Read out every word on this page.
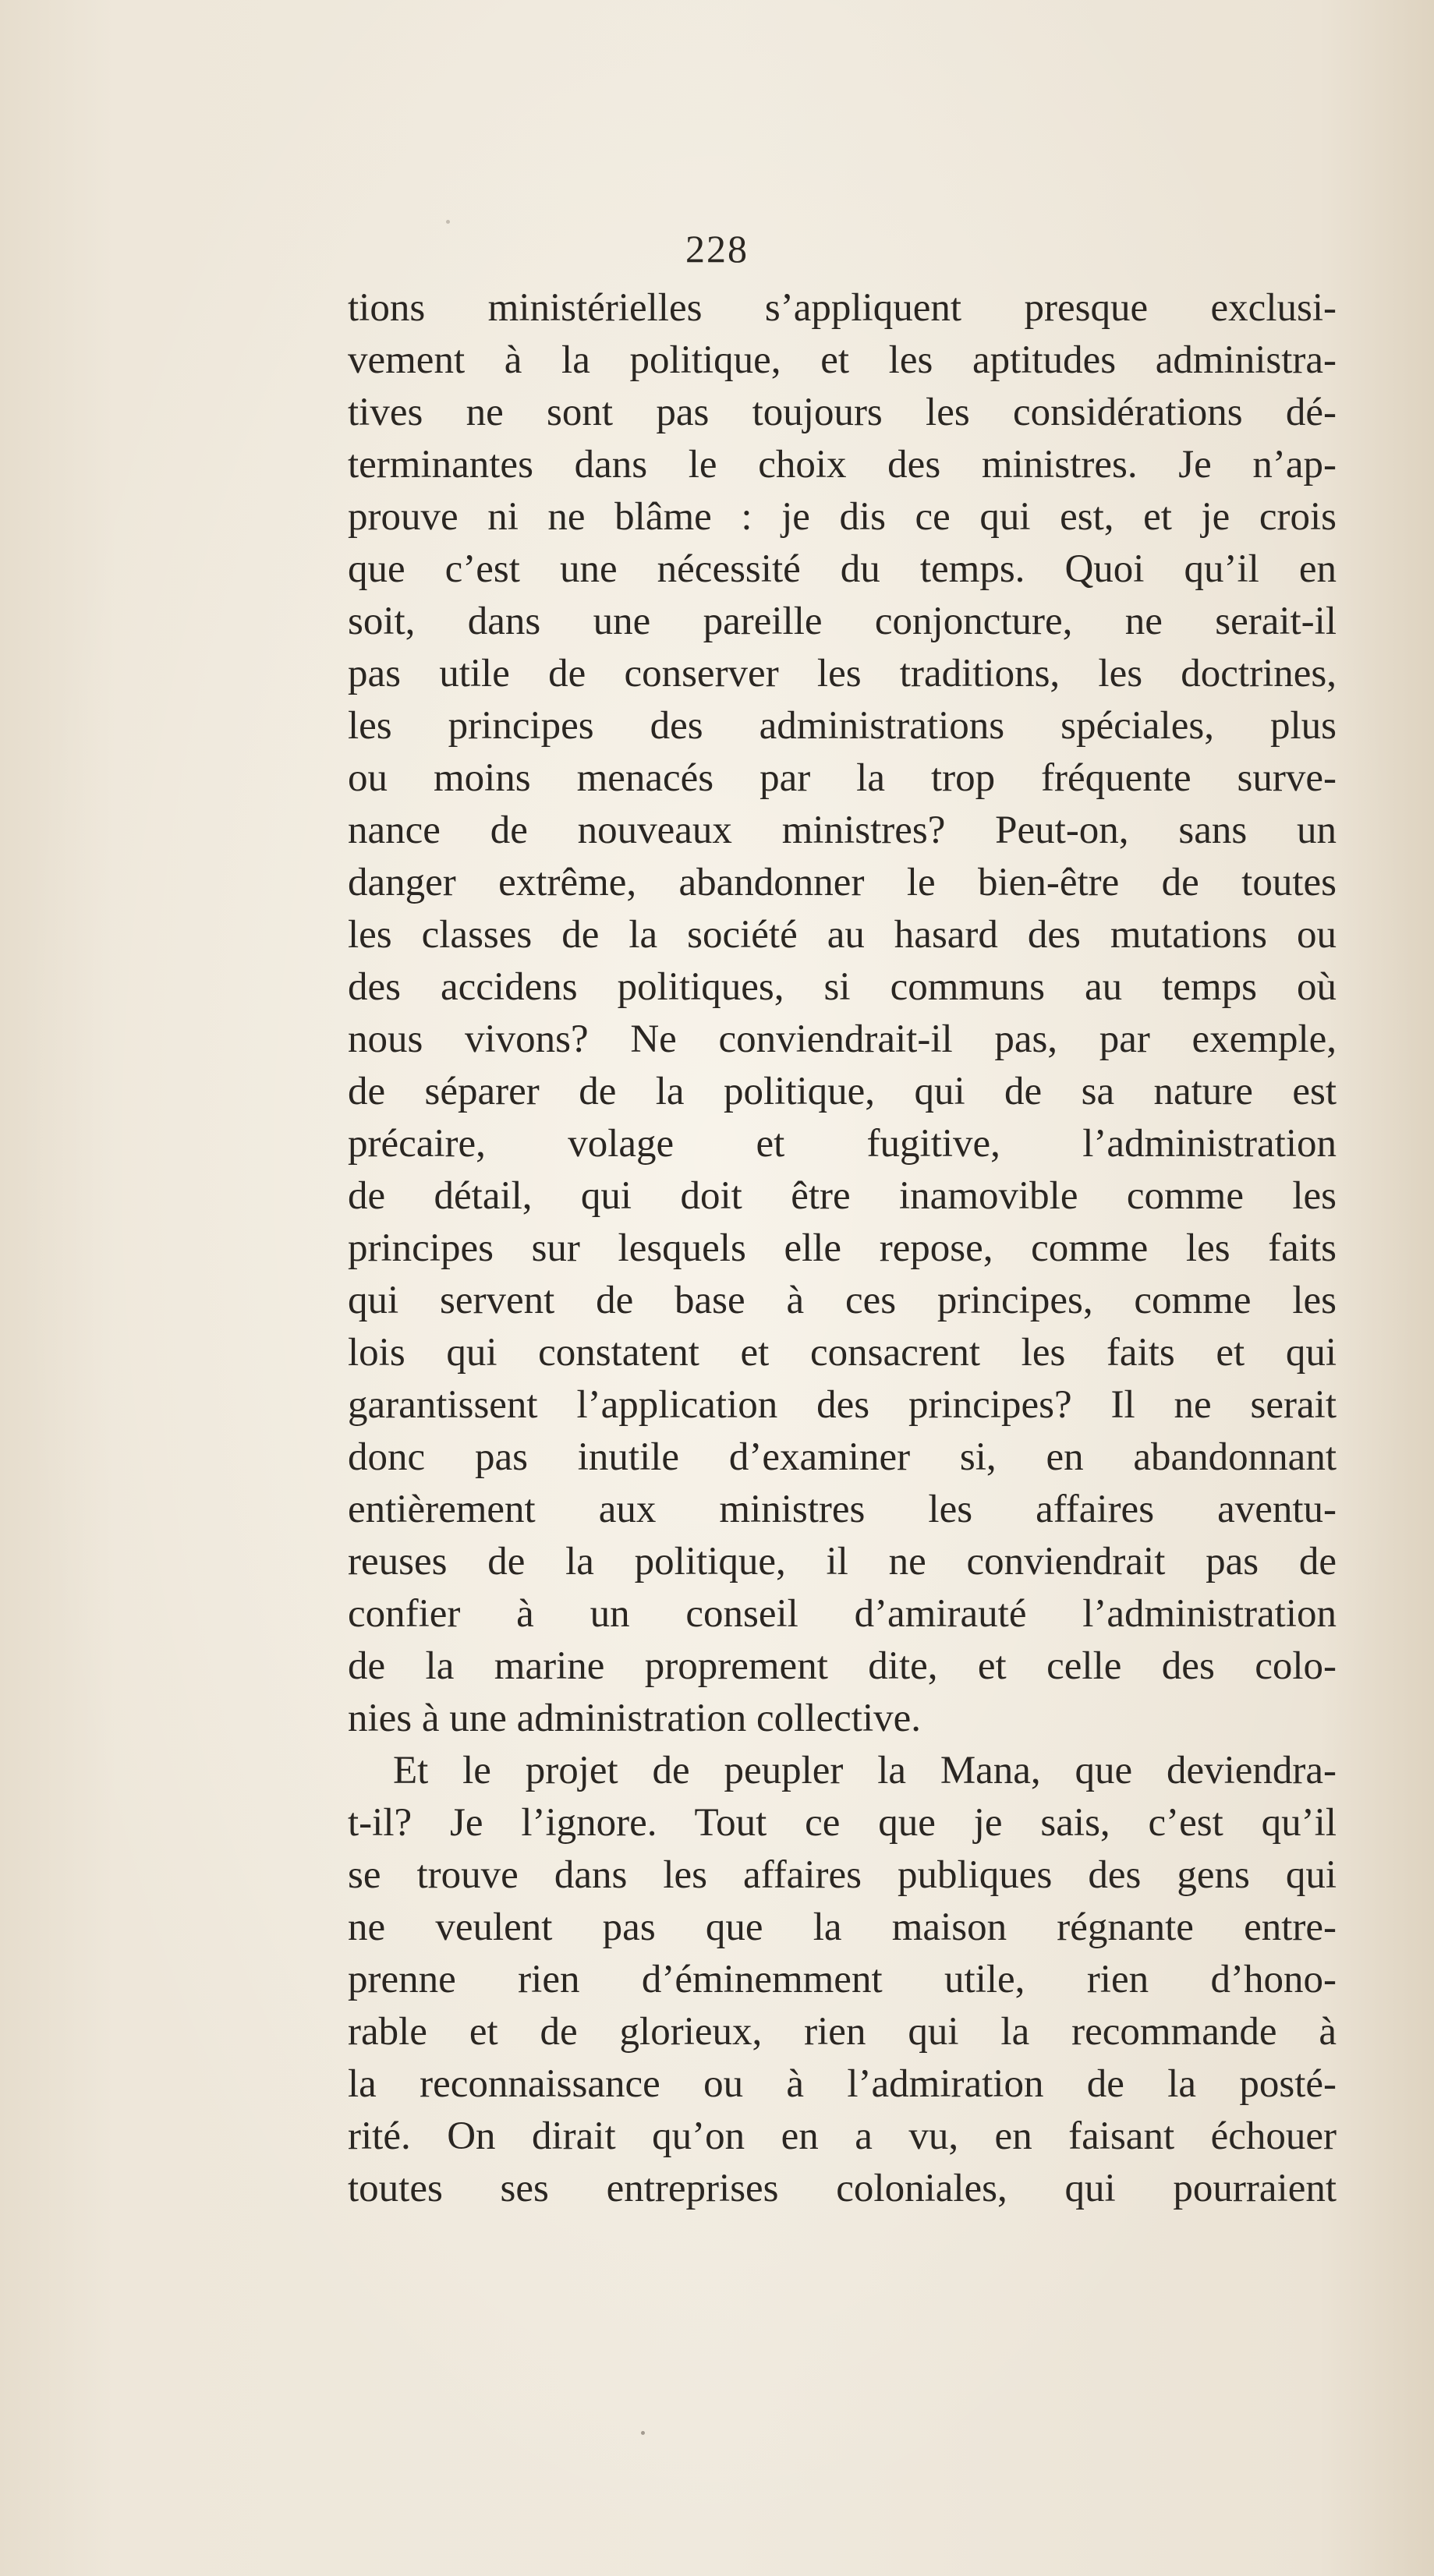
228
tions ministérielles s’appliquent presque exclusi-
vement à la politique, et les aptitudes administra-
tives ne sont pas toujours les considérations dé-
terminantes dans le choix des ministres. Je n’ap-
prouve ni ne blâme : je dis ce qui est, et je crois
que c’est une nécessité du temps. Quoi qu’il en
soit, dans une pareille conjoncture, ne serait-il
pas utile de conserver les traditions, les doctrines,
les principes des administrations spéciales, plus
ou moins menacés par la trop fréquente surve-
nance de nouveaux ministres? Peut-on, sans un
danger extrême, abandonner le bien-être de toutes
les classes de la société au hasard des mutations ou
des accidens politiques, si communs au temps où
nous vivons? Ne conviendrait-il pas, par exemple,
de séparer de la politique, qui de sa nature est
précaire, volage et fugitive, l’administration
de détail, qui doit être inamovible comme les
principes sur lesquels elle repose, comme les faits
qui servent de base à ces principes, comme les
lois qui constatent et consacrent les faits et qui
garantissent l’application des principes? Il ne serait
donc pas inutile d’examiner si, en abandonnant
entièrement aux ministres les affaires aventu-
reuses de la politique, il ne conviendrait pas de
confier à un conseil d’amirauté l’administration
de la marine proprement dite, et celle des colo-
nies à une administration collective.
Et le projet de peupler la Mana, que deviendra-
t-il? Je l’ignore. Tout ce que je sais, c’est qu’il
se trouve dans les affaires publiques des gens qui
ne veulent pas que la maison régnante entre-
prenne rien d’éminemment utile, rien d’hono-
rable et de glorieux, rien qui la recommande à
la reconnaissance ou à l’admiration de la posté-
rité. On dirait qu’on en a vu, en faisant échouer
toutes ses entreprises coloniales, qui pourraient
